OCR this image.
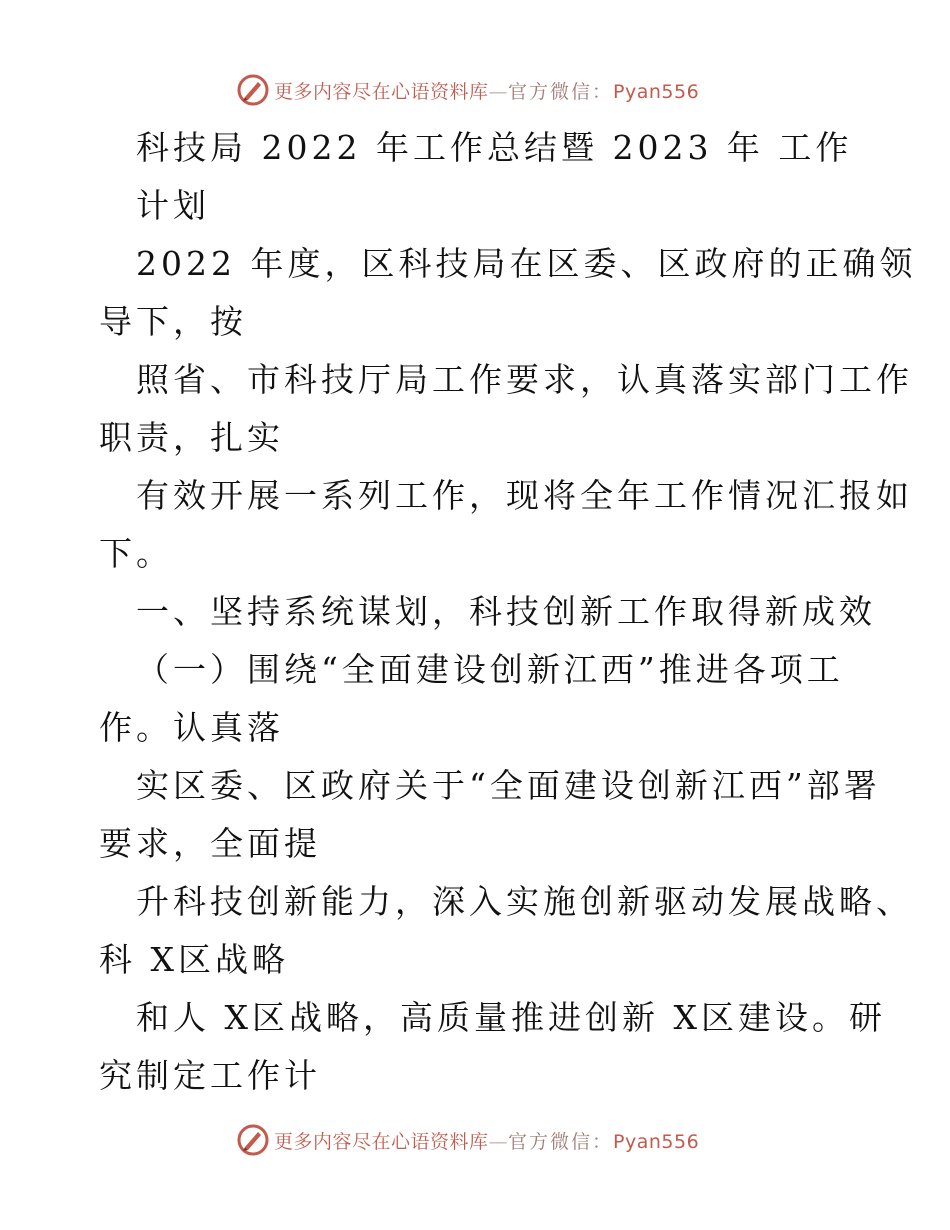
更多内容尽在心语资料库—官方微信：Pyan556
科技局 2022 年工作总结暨 2023 年 工作
计划
2022 年度，区科技局在区委、区政府的正确领
导下，按
照省、市科技厅局工作要求，认真落实部门工作
职责，扎实
有效开展一系列工作，现将全年工作情况汇报如
下。
一、坚持系统谋划，科技创新工作取得新成效
（一）围绕“全面建设创新江西”推进各项工
作。认真落
实区委、区政府关于“全面建设创新江西”部署
要求，全面提
升科技创新能力，深入实施创新驱动发展战略、
科 X区战略
和人 X区战略，高质量推进创新 X区建设。研
究制定工作计
更多内容尽在心语资料库—官方微信：Pyan556
